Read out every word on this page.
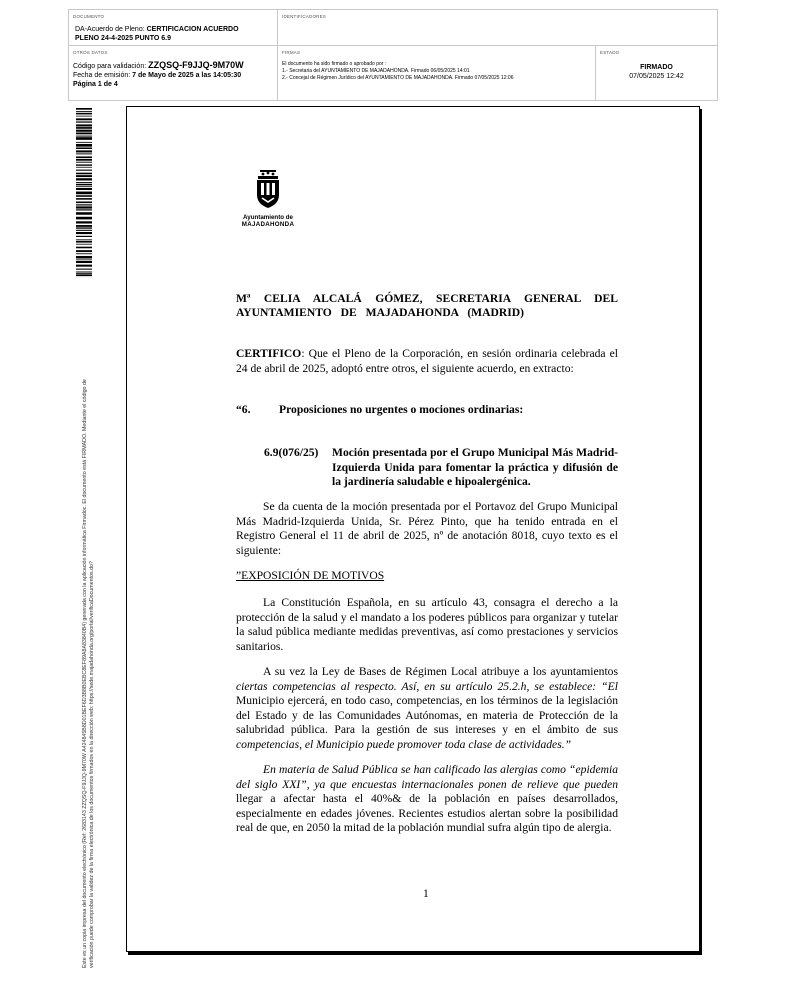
DOCUMENTO
DA-Acuerdo de Pleno: CERTIFICACION ACUERDO
PLENO 24-4-2025 PUNTO 6.9
IDENTIFICADORES
OTROS DATOS
Código para validación: ZZQSQ-F9JJQ-9M70W
Fecha de emisión: 7 de Mayo de 2025 a las 14:05:30
Página 1 de 4
FIRMAS
El documento ha sido firmado o aprobado por :
1.- Secretaria del AYUNTAMIENTO DE MAJADAHONDA. Firmado 06/05/2025 14:01
2.- Concejal de Régimen Jurídico del AYUNTAMIENTO DE MAJADAHONDA. Firmado 07/05/2025 12:06
ESTADO
FIRMADO
07/05/2025 12:42
Este es un copia impresa del documento electrónico (Ref: 2683143 ZZQSQ-F9JJQ-9M70W A424845B8D01BEF6D3B8B0EBC8EF89A8A83840B4) generada con la aplicación informática Firmadoc. El documento está FIRMADO. Mediante el código de verificación puede comprobar la validez de la firma electrónica de los documentos firmados en la dirección web: https://sede.majadahonda.org/portal/verificaDocumentos.do?
Ayuntamiento de
MAJADAHONDA
Mª CELIA ALCALÁ GÓMEZ, SECRETARIA GENERAL DEL AYUNTAMIENTO DE MAJADAHONDA (MADRID)
CERTIFICO: Que el Pleno de la Corporación, en sesión ordinaria celebrada el 24 de abril de 2025, adoptó entre otros, el siguiente acuerdo, en extracto:
“6. Proposiciones no urgentes o mociones ordinarias:
6.9(076/25) Moción presentada por el Grupo Municipal Más Madrid-Izquierda Unida para fomentar la práctica y difusión de la jardinería saludable e hipoalergénica.
Se da cuenta de la moción presentada por el Portavoz del Grupo Municipal Más Madrid-Izquierda Unida, Sr. Pérez Pinto, que ha tenido entrada en el Registro General el 11 de abril de 2025, nº de anotación 8018, cuyo texto es el siguiente:
”EXPOSICIÓN DE MOTIVOS
La Constitución Española, en su artículo 43, consagra el derecho a la protección de la salud y el mandato a los poderes públicos para organizar y tutelar la salud pública mediante medidas preventivas, así como prestaciones y servicios sanitarios.
A su vez la Ley de Bases de Régimen Local atribuye a los ayuntamientos ciertas competencias al respecto. Así, en su artículo 25.2.h, se establece: “El Municipio ejercerá, en todo caso, competencias, en los términos de la legislación del Estado y de las Comunidades Autónomas, en materia de Protección de la salubridad pública. Para la gestión de sus intereses y en el ámbito de sus competencias, el Municipio puede promover toda clase de actividades.”
En materia de Salud Pública se han calificado las alergias como “epidemia del siglo XXI”, ya que encuestas internacionales ponen de relieve que pueden llegar a afectar hasta el 40%& de la población en países desarrollados, especialmente en edades jóvenes. Recientes estudios alertan sobre la posibilidad real de que, en 2050 la mitad de la población mundial sufra algún tipo de alergia.
1
